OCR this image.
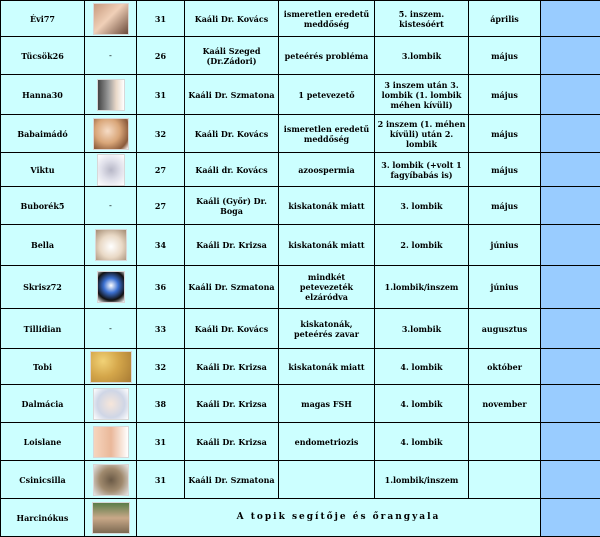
Évi77		31	Kaáli Dr. Kovács	ismeretlen eredetű meddőség	5. inszem. kistesóért	április	
Tücsök26	-	26	Kaáli Szeged (Dr.Zádori)	peteérés probléma	3.lombik	május	
Hanna30		31	Kaáli Dr. Szmatona	1 petevezető	3 inszem után 3. lombik (1. lombik méhen kívüli)	május	
Babaimádó		32	Kaáli Dr. Kovács	ismeretlen eredetű meddőség	2 inszem (1. méhen kívüli) után 2. lombik	május	
Viktu		27	Kaáli dr. Kovács	azoospermia	3. lombik (+volt 1 fagyíbabás is)	május	
Buborék5	-	27	Kaáli (Győr) Dr. Boga	kiskatonák miatt	3. lombik	május	
Bella		34	Kaáli Dr. Krizsa	kiskatonák miatt	2. lombik	június	
Skrisz72		36	Kaáli Dr. Szmatona	mindkét petevezeték elzáródva	1.lombik/inszem	június	
Tillidian	-	33	Kaáli Dr. Kovács	kiskatonák, peteérés zavar	3.lombik	augusztus	
Tobi		32	Kaáli Dr. Krizsa	kiskatonák miatt	4. lombik	október	
Dalmácia		38	Kaáli Dr. Krizsa	magas FSH	4. lombik	november	
Loislane		31	Kaáli Dr. Krizsa	endometriozis	4. lombik		
Csinicsilla		31	Kaáli Dr. Szmatona		1.lombik/inszem		
Harcinókus		A topik segítője és őrangyala					
